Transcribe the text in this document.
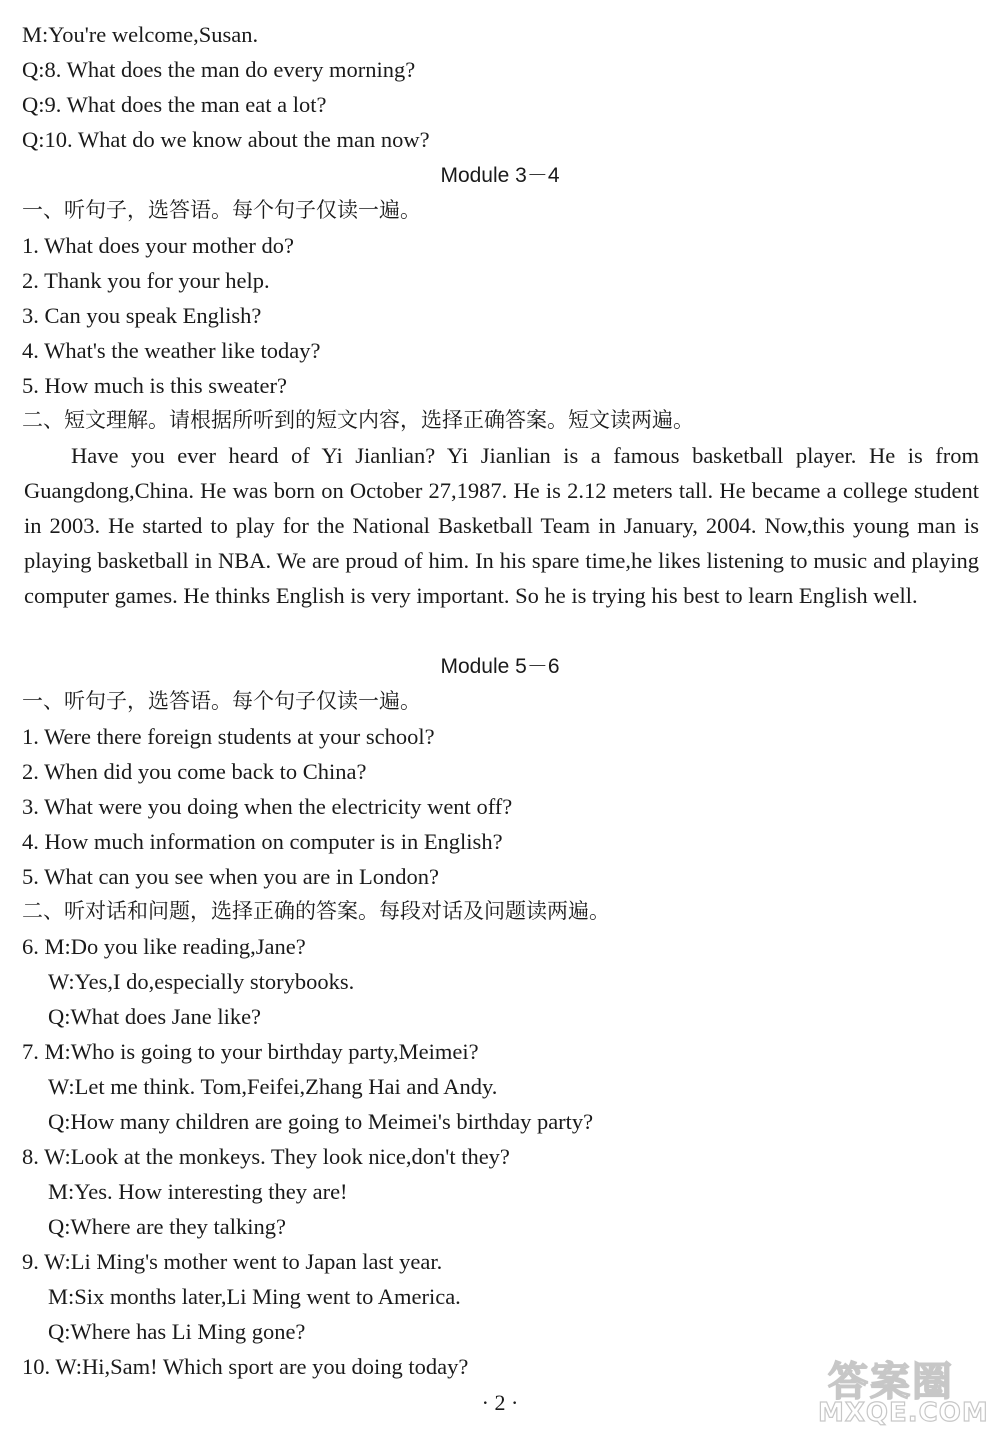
M:You're welcome,Susan.
Q:8. What does the man do every morning?
Q:9. What does the man eat a lot?
Q:10. What do we know about the man now?
Module 3－4
一、听句子，选答语。每个句子仅读一遍。
1. What does your mother do?
2. Thank you for your help.
3. Can you speak English?
4. What's the weather like today?
5. How much is this sweater?
二、短文理解。请根据所听到的短文内容，选择正确答案。短文读两遍。
Have you ever heard of Yi Jianlian? Yi Jianlian is a famous basketball player. He is from Guangdong,China. He was born on October 27,1987. He is 2.12 meters tall. He became a college student in 2003. He started to play for the National Basketball Team in January, 2004. Now,this young man is playing basketball in NBA. We are proud of him. In his spare time,he likes listening to music and playing computer games. He thinks English is very important. So he is trying his best to learn English well.
Module 5－6
一、听句子，选答语。每个句子仅读一遍。
1. Were there foreign students at your school?
2. When did you come back to China?
3. What were you doing when the electricity went off?
4. How much information on computer is in English?
5. What can you see when you are in London?
二、听对话和问题，选择正确的答案。每段对话及问题读两遍。
6. M:Do you like reading,Jane?
W:Yes,I do,especially storybooks.
Q:What does Jane like?
7. M:Who is going to your birthday party,Meimei?
W:Let me think. Tom,Feifei,Zhang Hai and Andy.
Q:How many children are going to Meimei's birthday party?
8. W:Look at the monkeys. They look nice,don't they?
M:Yes. How interesting they are!
Q:Where are they talking?
9. W:Li Ming's mother went to Japan last year.
M:Six months later,Li Ming went to America.
Q:Where has Li Ming gone?
10. W:Hi,Sam! Which sport are you doing today?
· 2 ·	答案圈
MXQE.COM
